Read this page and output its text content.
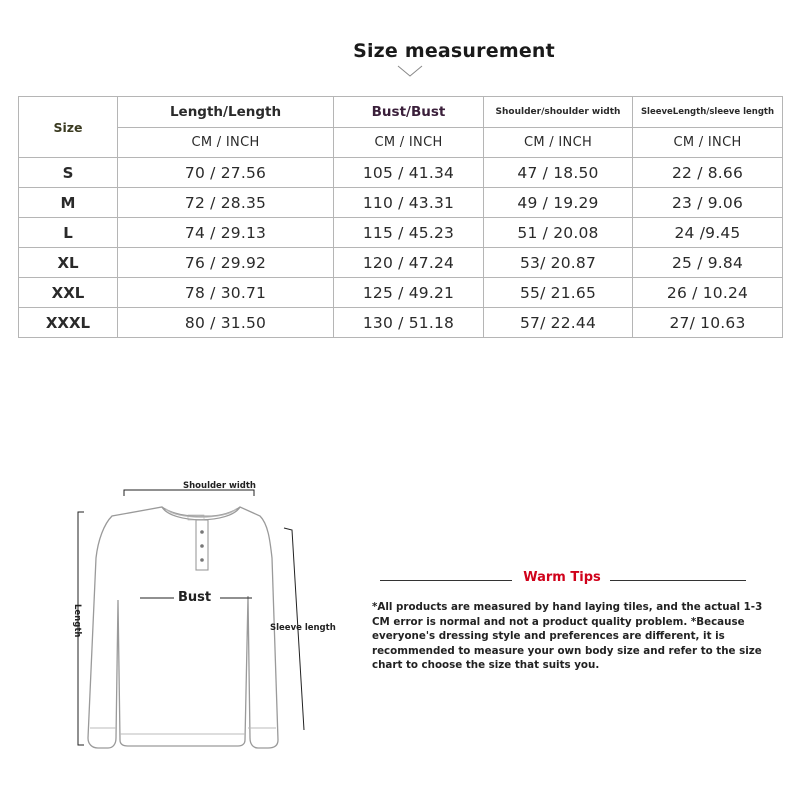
Size measurement
Size	Length/Length	Bust/Bust	Shoulder/shoulder width	SleeveLength/sleeve length
	CM / INCH	CM / INCH	CM / INCH	CM / INCH
S	70 / 27.56	105 / 41.34	47 / 18.50	22 / 8.66
M	72 / 28.35	110 / 43.31	49 / 19.29	23 / 9.06
L	74 / 29.13	115 / 45.23	51 / 20.08	24 /9.45
XL	76 / 29.92	120 / 47.24	53/ 20.87	25 / 9.84
XXL	78 / 30.71	125 / 49.21	55/ 21.65	26 / 10.24
XXXL	80 / 31.50	130 / 51.18	57/ 22.44	27/ 10.63
Shoulder width
Bust
Length	Sleeve length
Warm Tips
*All products are measured by hand laying tiles, and the actual 1-3 CM error is normal and not a product quality problem. *Because everyone's dressing style and preferences are different, it is recommended to measure your own body size and refer to the size chart to choose the size that suits you.
